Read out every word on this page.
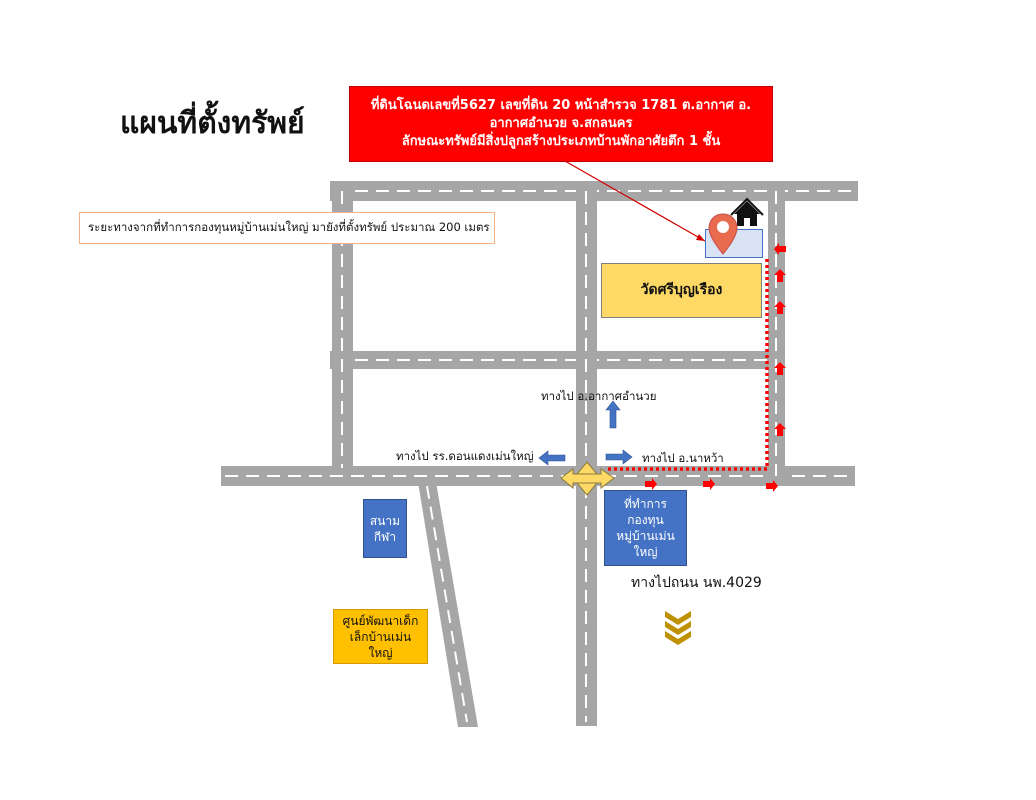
แผนที่ตั้งทรัพย์
ที่ดินโฉนดเลขที่5627 เลขที่ดิน 20 หน้าสำรวจ 1781 ต.อากาศ อ.
อากาศอำนวย จ.สกลนคร
ลักษณะทรัพย์มีสิ่งปลูกสร้างประเภทบ้านพักอาศัยตึก 1 ชั้น
ระยะทางจากที่ทำการกองทุนหมู่บ้านเม่นใหญ่ มายังที่ตั้งทรัพย์ ประมาณ 200 เมตร
วัดศรีบุญเรือง
ทางไป อ.อากาศอำนวย
ทางไป รร.ดอนแดงเม่นใหญ่	ทางไป อ.นาหว้า
สนาม
กีฬา
ที่ทำการ
กองทุน
หมู่บ้านเม่น
ใหญ่
ทางไปถนน นพ.4029
ศูนย์พัฒนาเด็ก
เล็กบ้านเม่น
ใหญ่
